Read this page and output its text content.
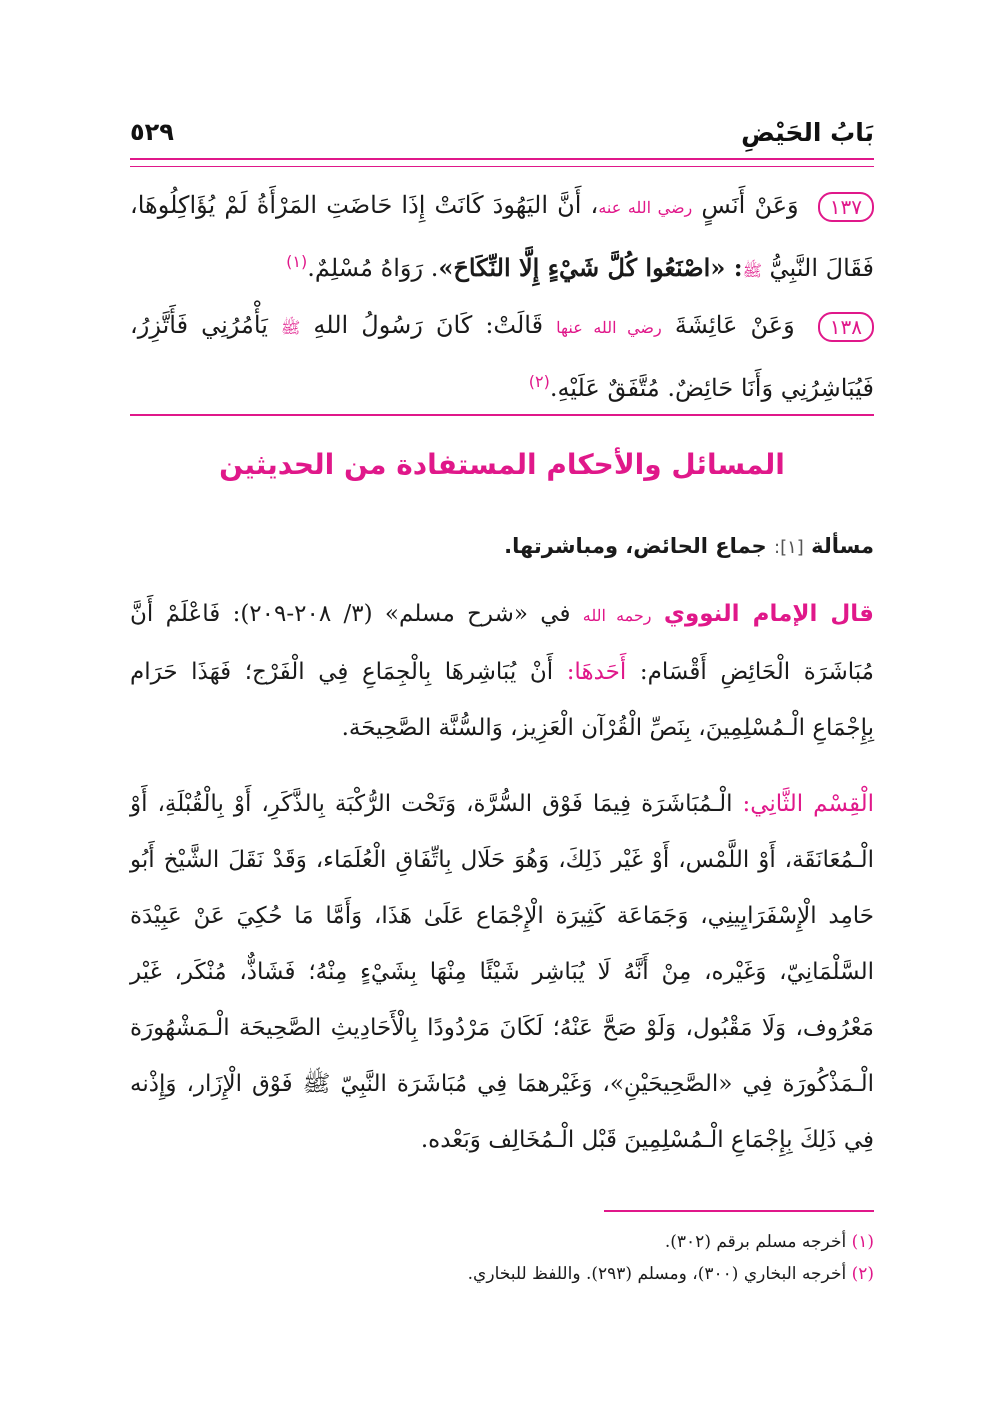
بَابُ الحَيْضِ
٥٢٩
١٣٧ وَعَنْ أَنَسٍ رضي الله عنه، أَنَّ اليَهُودَ كَانَتْ إِذَا حَاضَتِ المَرْأَةُ لَمْ يُؤَاكِلُوهَا، فَقَالَ النَّبِيُّ ﷺ: «اصْنَعُوا كُلَّ شَيْءٍ إِلَّا النِّكَاحَ». رَوَاهُ مُسْلِمٌ.$^{(١)}$
١٣٨ وَعَنْ عَائِشَةَ رضي الله عنها قَالَتْ: كَانَ رَسُولُ اللهِ ﷺ يَأْمُرُنِي فَأَتَّزِرُ، فَيُبَاشِرُنِي وَأَنَا حَائِضٌ. مُتَّفَقٌ عَلَيْهِ.$^{(٢)}$
المسائل والأحكام المستفادة من الحديثين
مسألة [١]: جماع الحائض، ومباشرتها.
قال الإمام النووي رحمه الله في «شرح مسلم» (٣/ ٢٠٨-٢٠٩): فَاعْلَمْ أَنَّ مُبَاشَرَة الْحَائِضِ أَقْسَام: أَحَدهَا: أَنْ يُبَاشِرهَا بِالْجِمَاعِ فِي الْفَرْج؛ فَهَذَا حَرَام بِإِجْمَاعِ الْـمُسْلِمِينَ، بِنَصِّ الْقُرْآن الْعَزِيز، وَالسُّنَّة الصَّحِيحَة.
الْقِسْم الثَّانِي: الْـمُبَاشَرَة فِيمَا فَوْق السُّرَّة، وَتَحْت الرُّكْبَة بِالذَّكَرِ، أَوْ بِالْقُبْلَةِ، أَوْ الْـمُعَانَقَة، أَوْ اللَّمْس، أَوْ غَيْر ذَلِكَ، وَهُوَ حَلَال بِاتِّفَاقِ الْعُلَمَاء، وَقَدْ نَقَلَ الشَّيْخ أَبُو حَامِد الْإِسْفَرَايِينِي، وَجَمَاعَة كَثِيرَة الْإِجْمَاع عَلَىٰ هَذَا، وَأَمَّا مَا حُكِيَ عَنْ عَبِيْدَة السَّلْمَانِيّ، وَغَيْره، مِنْ أَنَّهُ لَا يُبَاشِر شَيْئًا مِنْهَا بِشَيْءٍ مِنْهُ؛ فَشَاذٌّ، مُنْكَر، غَيْر مَعْرُوف، وَلَا مَقْبُول، وَلَوْ صَحَّ عَنْهُ؛ لَكَانَ مَرْدُودًا بِالْأَحَادِيثِ الصَّحِيحَة الْـمَشْهُورَة الْـمَذْكُورَة فِي «الصَّحِيحَيْنِ»، وَغَيْرهمَا فِي مُبَاشَرَة النَّبِيّ ﷺ فَوْق الْإِزَار، وَإِذْنه فِي ذَلِكَ بِإِجْمَاعِ الْـمُسْلِمِينَ قَبْل الْـمُخَالِف وَبَعْده.
(١) أخرجه مسلم برقم (٣٠٢).
(٢) أخرجه البخاري (٣٠٠)، ومسلم (٢٩٣). واللفظ للبخاري.
